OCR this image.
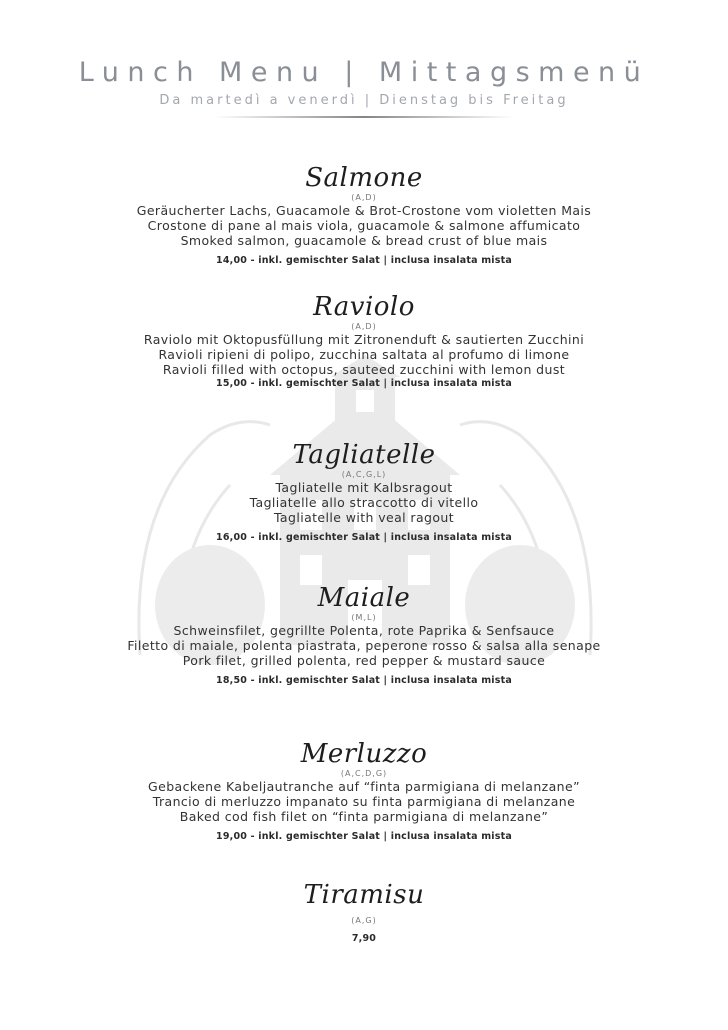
Lunch Menu | Mittagsmenü
Da martedì a venerdì | Dienstag bis Freitag
Salmone
(A,D)
Geräucherter Lachs, Guacamole & Brot-Crostone vom violetten Mais
Crostone di pane al mais viola, guacamole & salmone affumicato
Smoked salmon, guacamole & bread crust of blue mais
14,00 - inkl. gemischter Salat | inclusa insalata mista
Raviolo
(A,D)
Raviolo mit Oktopusfüllung mit Zitronenduft & sautierten Zucchini
Ravioli ripieni di polipo, zucchina saltata al profumo di limone
Ravioli filled with octopus, sauteed zucchini with lemon dust
15,00 - inkl. gemischter Salat | inclusa insalata mista
Tagliatelle
(A,C,G,L)
Tagliatelle mit Kalbsragout
Tagliatelle allo straccotto di vitello
Tagliatelle with veal ragout
16,00 - inkl. gemischter Salat | inclusa insalata mista
Maiale
(M,L)
Schweinsfilet, gegrillte Polenta, rote Paprika & Senfsauce
Filetto di maiale, polenta piastrata, peperone rosso & salsa alla senape
Pork filet, grilled polenta, red pepper & mustard sauce
18,50 - inkl. gemischter Salat | inclusa insalata mista
Merluzzo
(A,C,D,G)
Gebackene Kabeljautranche auf “finta parmigiana di melanzane”
Trancio di merluzzo impanato su finta parmigiana di melanzane
Baked cod fish filet on “finta parmigiana di melanzane”
19,00 - inkl. gemischter Salat | inclusa insalata mista
Tiramisu
(A,G)
7,90
